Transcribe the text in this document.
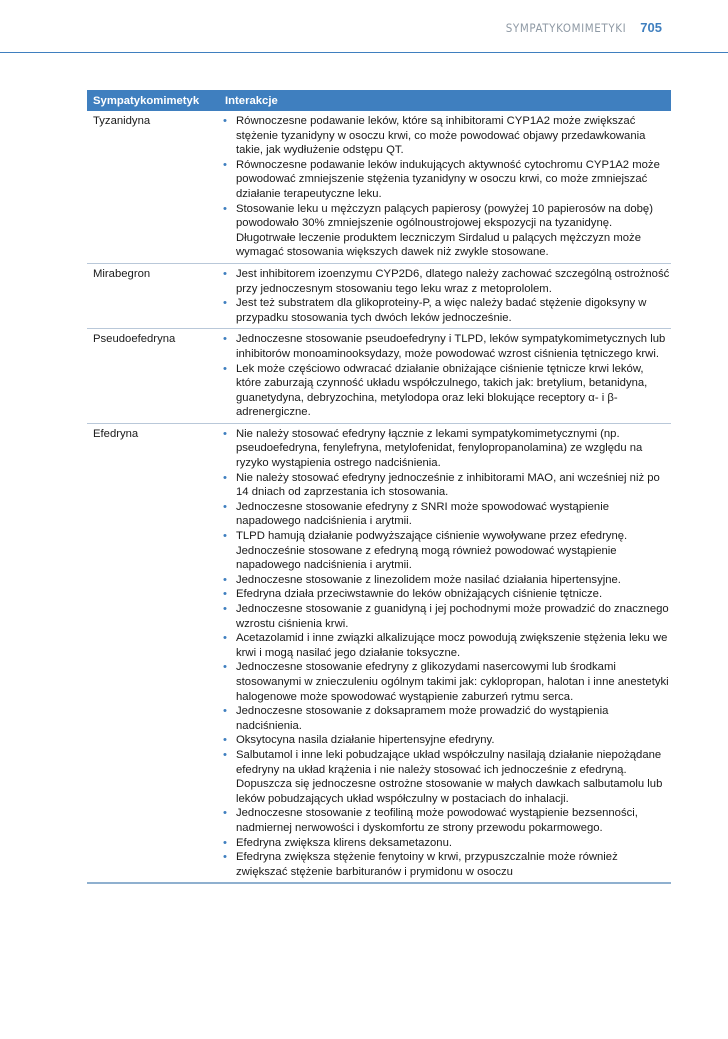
SYMPATYKOMIMETYKI 705
Sympatykomimetyk	Interakcje
Tyzanidyna	• Równoczesne podawanie leków, które są inhibitorami CYP1A2 może zwiększać stężenie tyzanidyny w osoczu krwi, co może powodować objawy przedawkowania takie, jak wydłużenie odstępu QT.
• Równoczesne podawanie leków indukujących aktywność cytochromu CYP1A2 może powodować zmniejszenie stężenia tyzanidyny w osoczu krwi, co może zmniejszać działanie terapeutyczne leku.
• Stosowanie leku u mężczyzn palących papierosy (powyżej 10 papierosów na dobę) powodowało 30% zmniejszenie ogólnoustrojowej ekspozycji na tyzanidynę. Długotrwałe leczenie produktem leczniczym Sirdalud u palących mężczyzn może wymagać stosowania większych dawek niż zwykle stosowane.
Mirabegron	• Jest inhibitorem izoenzymu CYP2D6, dlatego należy zachować szczególną ostrożność przy jednoczesnym stosowaniu tego leku wraz z metoprololem.
• Jest też substratem dla glikoproteiny-P, a więc należy badać stężenie digoksyny w przypadku stosowania tych dwóch leków jednocześnie.
Pseudoefedryna	• Jednoczesne stosowanie pseudoefedryny i TLPD, leków sympatykomimetycznych lub inhibitorów monoaminooksydazy, może powodować wzrost ciśnienia tętniczego krwi.
• Lek może częściowo odwracać działanie obniżające ciśnienie tętnicze krwi leków, które zaburzają czynność układu współczulnego, takich jak: bretylium, betanidyna, guanetydyna, debryzochina, metylodopa oraz leki blokujące receptory α- i β-adrenergiczne.
Efedryna	• Nie należy stosować efedryny łącznie z lekami sympatykomimetycznymi (np. pseudoefedryna, fenylefryna, metylofenidat, fenylopropanolamina) ze względu na ryzyko wystąpienia ostrego nadciśnienia.
• Nie należy stosować efedryny jednocześnie z inhibitorami MAO, ani wcześniej niż po 14 dniach od zaprzestania ich stosowania.
• Jednoczesne stosowanie efedryny z SNRI może spowodować wystąpienie napadowego nadciśnienia i arytmii.
• TLPD hamują działanie podwyższające ciśnienie wywoływane przez efedrynę. Jednocześnie stosowane z efedryną mogą również powodować wystąpienie napadowego nadciśnienia i arytmii.
• Jednoczesne stosowanie z linezolidem może nasilać działania hipertensyjne.
• Efedryna działa przeciwstawnie do leków obniżających ciśnienie tętnicze.
• Jednoczesne stosowanie z guanidyną i jej pochodnymi może prowadzić do znacznego wzrostu ciśnienia krwi.
• Acetazolamid i inne związki alkalizujące mocz powodują zwiększenie stężenia leku we krwi i mogą nasilać jego działanie toksyczne.
• Jednoczesne stosowanie efedryny z glikozydami nasercowymi lub środkami stosowanymi w znieczuleniu ogólnym takimi jak: cyklopropan, halotan i inne anestetyki halogenowe może spowodować wystąpienie zaburzeń rytmu serca.
• Jednoczesne stosowanie z doksapramem może prowadzić do wystąpienia nadciśnienia.
• Oksytocyna nasila działanie hipertensyjne efedryny.
• Salbutamol i inne leki pobudzające układ współczulny nasilają działanie niepożądane efedryny na układ krążenia i nie należy stosować ich jednocześnie z efedryną. Dopuszcza się jednoczesne ostrożne stosowanie w małych dawkach salbutamolu lub leków pobudzających układ współczulny w postaciach do inhalacji.
• Jednoczesne stosowanie z teofiliną może powodować wystąpienie bezsenności, nadmiernej nerwowości i dyskomfortu ze strony przewodu pokarmowego.
• Efedryna zwiększa klirens deksametazonu.
• Efedryna zwiększa stężenie fenytoiny w krwi, przypuszczalnie może również zwiększać stężenie barbituranów i prymidonu w osoczu
